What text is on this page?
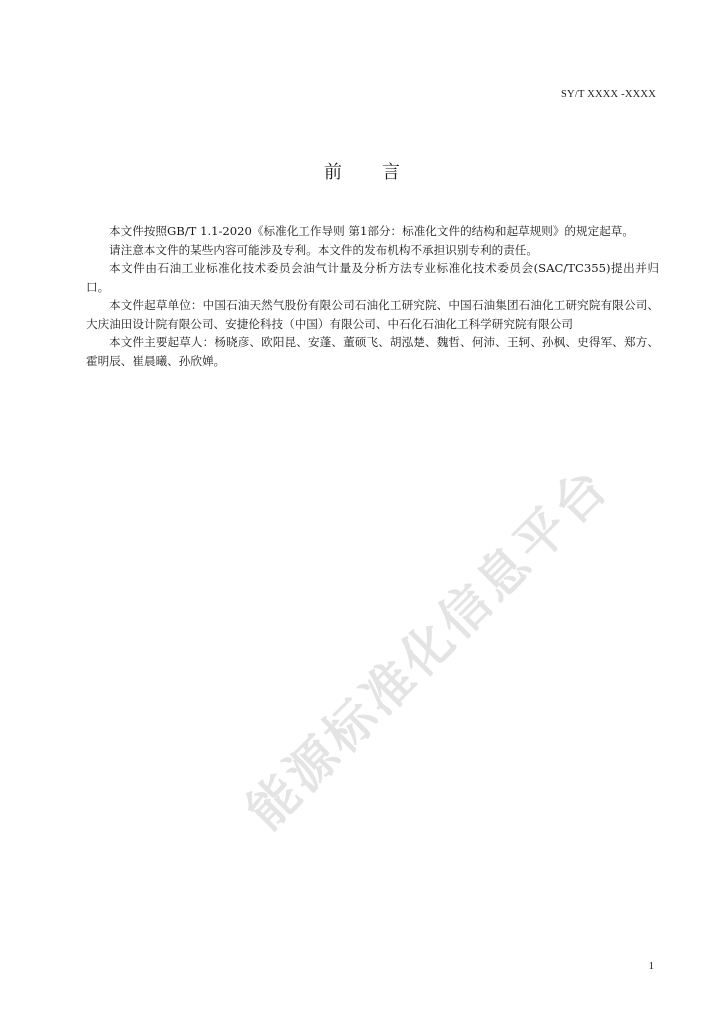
SY/T XXXX -XXXX
前言

本文件按照GB/T 1.1-2020《标准化工作导则 第1部分：标准化文件的结构和起草规则》的规定起草。

请注意本文件的某些内容可能涉及专利。本文件的发布机构不承担识别专利的责任。

本文件由石油工业标准化技术委员会油气计量及分析方法专业标准化技术委员会(SAC/TC355)提出并归口。

本文件起草单位：中国石油天然气股份有限公司石油化工研究院、中国石油集团石油化工研究院有限公司、大庆油田设计院有限公司、安捷伦科技（中国）有限公司、中石化石油化工科学研究院有限公司

本文件主要起草人：杨晓彦、欧阳昆、安蓬、董硕飞、胡泓楚、魏哲、何沛、王轲、孙枫、史得军、郑方、霍明辰、崔晨曦、孙欣婵。

能源标准化信息平台
1
